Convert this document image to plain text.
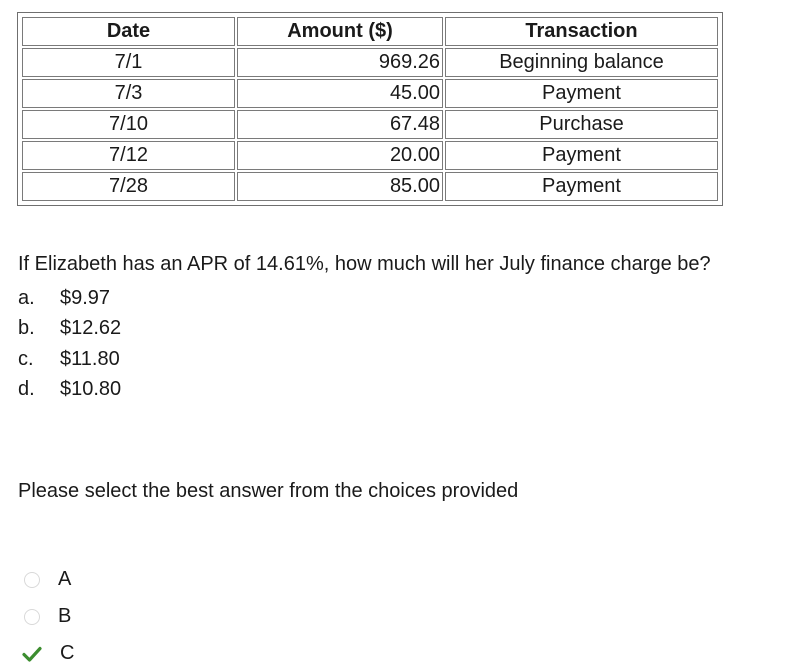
Date	Amount ($)	Transaction
7/1	969.26	Beginning balance
7/3	45.00	Payment
7/10	67.48	Purchase
7/12	20.00	Payment
7/28	85.00	Payment
If Elizabeth has an APR of 14.61%, how much will her July finance charge be?
a.	$9.97
b.	$12.62
c.	$11.80
d.	$10.80
Please select the best answer from the choices provided
A
B
C
